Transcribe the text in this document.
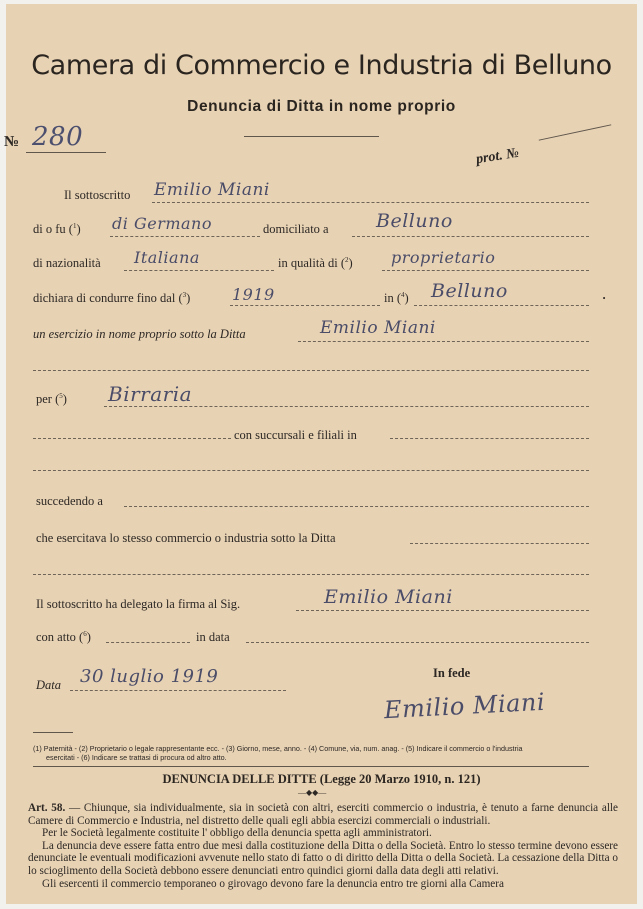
Camera di Commercio e Industria di Belluno
Denuncia di Ditta in nome proprio
№ 280
prot. №
Il sottoscritto Emilio Miani
di o fu ($^1$) di Germano	domiciliato a Belluno
di nazionalità Italiana	in qualità di ($^2$) proprietario
dichiara di condurre fino dal ($^3$)	1919	in ($^4$) Belluno	·
un esercizio in nome proprio sotto la Ditta	Emilio Miani
per ($^5$) Birraria
con succursali e filiali in
succedendo a
che esercitava lo stesso commercio o industria sotto la Ditta
Il sottoscritto ha delegato la firma al Sig.	Emilio Miani
con atto ($^6$)	in data
Data 30 luglio 1919	In fede
Emilio Miani
(1) Paternità - (2) Proprietario o legale rappresentante ecc. - (3) Giorno, mese, anno. - (4) Comune, via, num. anag. - (5) Indicare il commercio o l'industria
esercitati - (6) Indicare se trattasi di procura od altro atto.
DENUNCIA DELLE DITTE (Legge 20 Marzo 1910, n. 121)
—◆◆—

Art. 58. — Chiunque, sia individualmente, sia in società con altri, eserciti commercio o industria, è tenuto a farne denuncia alle Camere di Commercio e Industria, nel distretto delle quali egli abbia esercizi commerciali o industriali.

Per le Società legalmente costituite l' obbligo della denuncia spetta agli amministratori.

La denuncia deve essere fatta entro due mesi dalla costituzione della Ditta o della Società. Entro lo stesso termine devono essere denunciate le eventuali modificazioni avvenute nello stato di fatto o di diritto della Ditta o della Società. La cessazione della Ditta o lo scioglimento della Società debbono essere denunciati entro quindici giorni dalla data degli atti relativi.

Gli esercenti il commercio temporaneo o girovago devono fare la denuncia entro tre giorni alla Camera
